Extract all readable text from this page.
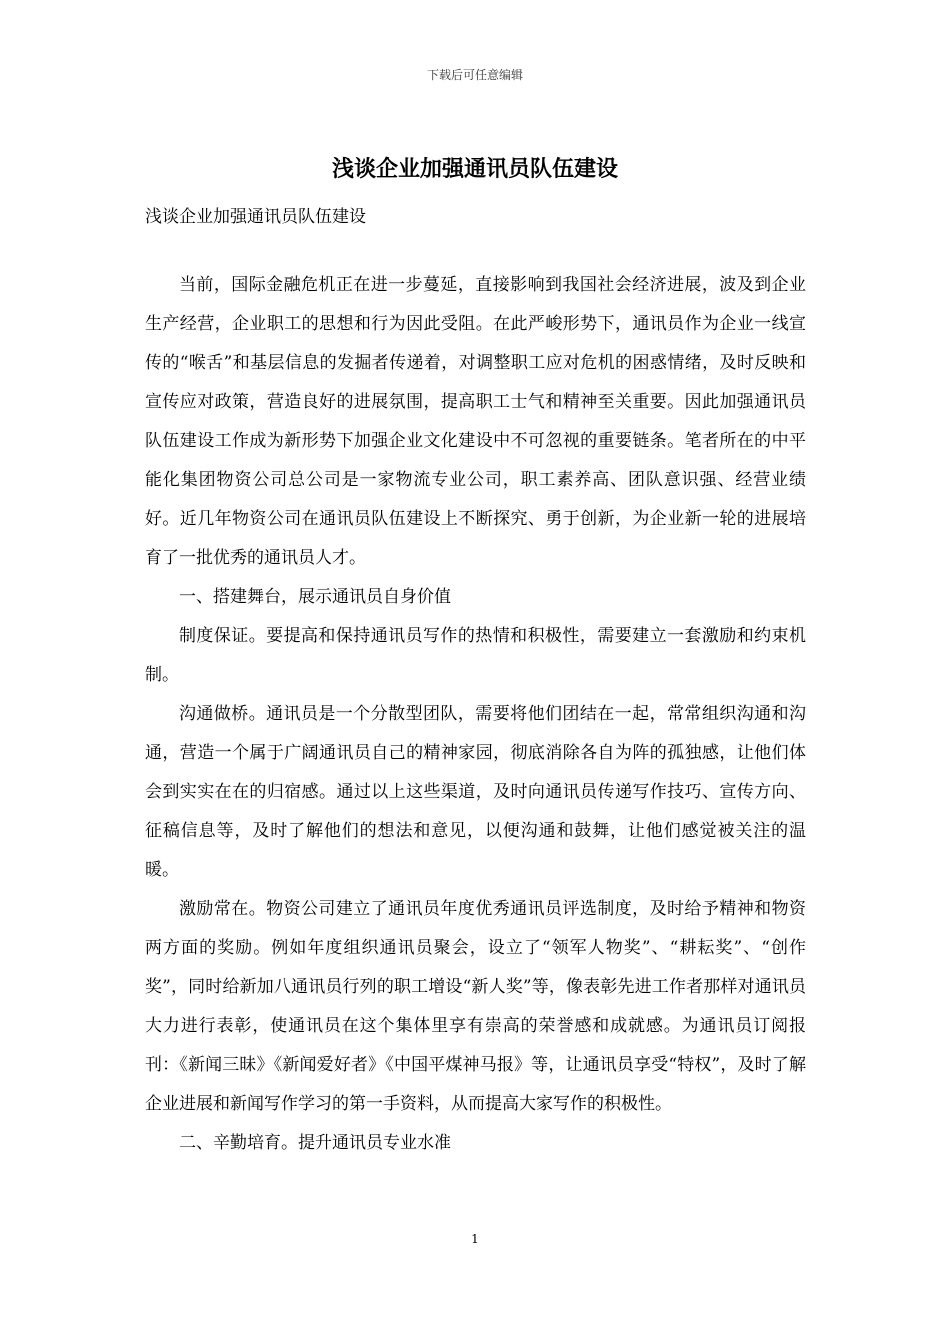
下载后可任意编辑
浅谈企业加强通讯员队伍建设
浅谈企业加强通讯员队伍建设

当前，国际金融危机正在进一步蔓延，直接影响到我国社会经济进展，波及到企业生产经营，企业职工的思想和行为因此受阻。在此严峻形势下，通讯员作为企业一线宣传的“喉舌”和基层信息的发掘者传递着，对调整职工应对危机的困惑情绪，及时反映和宣传应对政策，营造良好的进展氛围，提高职工士气和精神至关重要。因此加强通讯员队伍建设工作成为新形势下加强企业文化建设中不可忽视的重要链条。笔者所在的中平能化集团物资公司总公司是一家物流专业公司，职工素养高、团队意识强、经营业绩好。近几年物资公司在通讯员队伍建设上不断探究、勇于创新，为企业新一轮的进展培育了一批优秀的通讯员人才。

一、搭建舞台，展示通讯员自身价值

制度保证。要提高和保持通讯员写作的热情和积极性，需要建立一套激励和约束机制。

沟通做桥。通讯员是一个分散型团队，需要将他们团结在一起，常常组织沟通和沟通，营造一个属于广阔通讯员自己的精神家园，彻底消除各自为阵的孤独感，让他们体会到实实在在的归宿感。通过以上这些渠道，及时向通讯员传递写作技巧、宣传方向、征稿信息等，及时了解他们的想法和意见，以便沟通和鼓舞，让他们感觉被关注的温暖。

激励常在。物资公司建立了通讯员年度优秀通讯员评选制度，及时给予精神和物资两方面的奖励。例如年度组织通讯员聚会，设立了“领军人物奖”、“耕耘奖”、“创作奖”，同时给新加八通讯员行列的职工增设“新人奖”等，像表彰先进工作者那样对通讯员大力进行表彰，使通讯员在这个集体里享有崇高的荣誉感和成就感。为通讯员订阅报刊：《新闻三昧》《新闻爱好者》《中国平煤神马报》等，让通讯员享受“特权”，及时了解企业进展和新闻写作学习的第一手资料，从而提高大家写作的积极性。

二、辛勤培育。提升通讯员专业水准

1
